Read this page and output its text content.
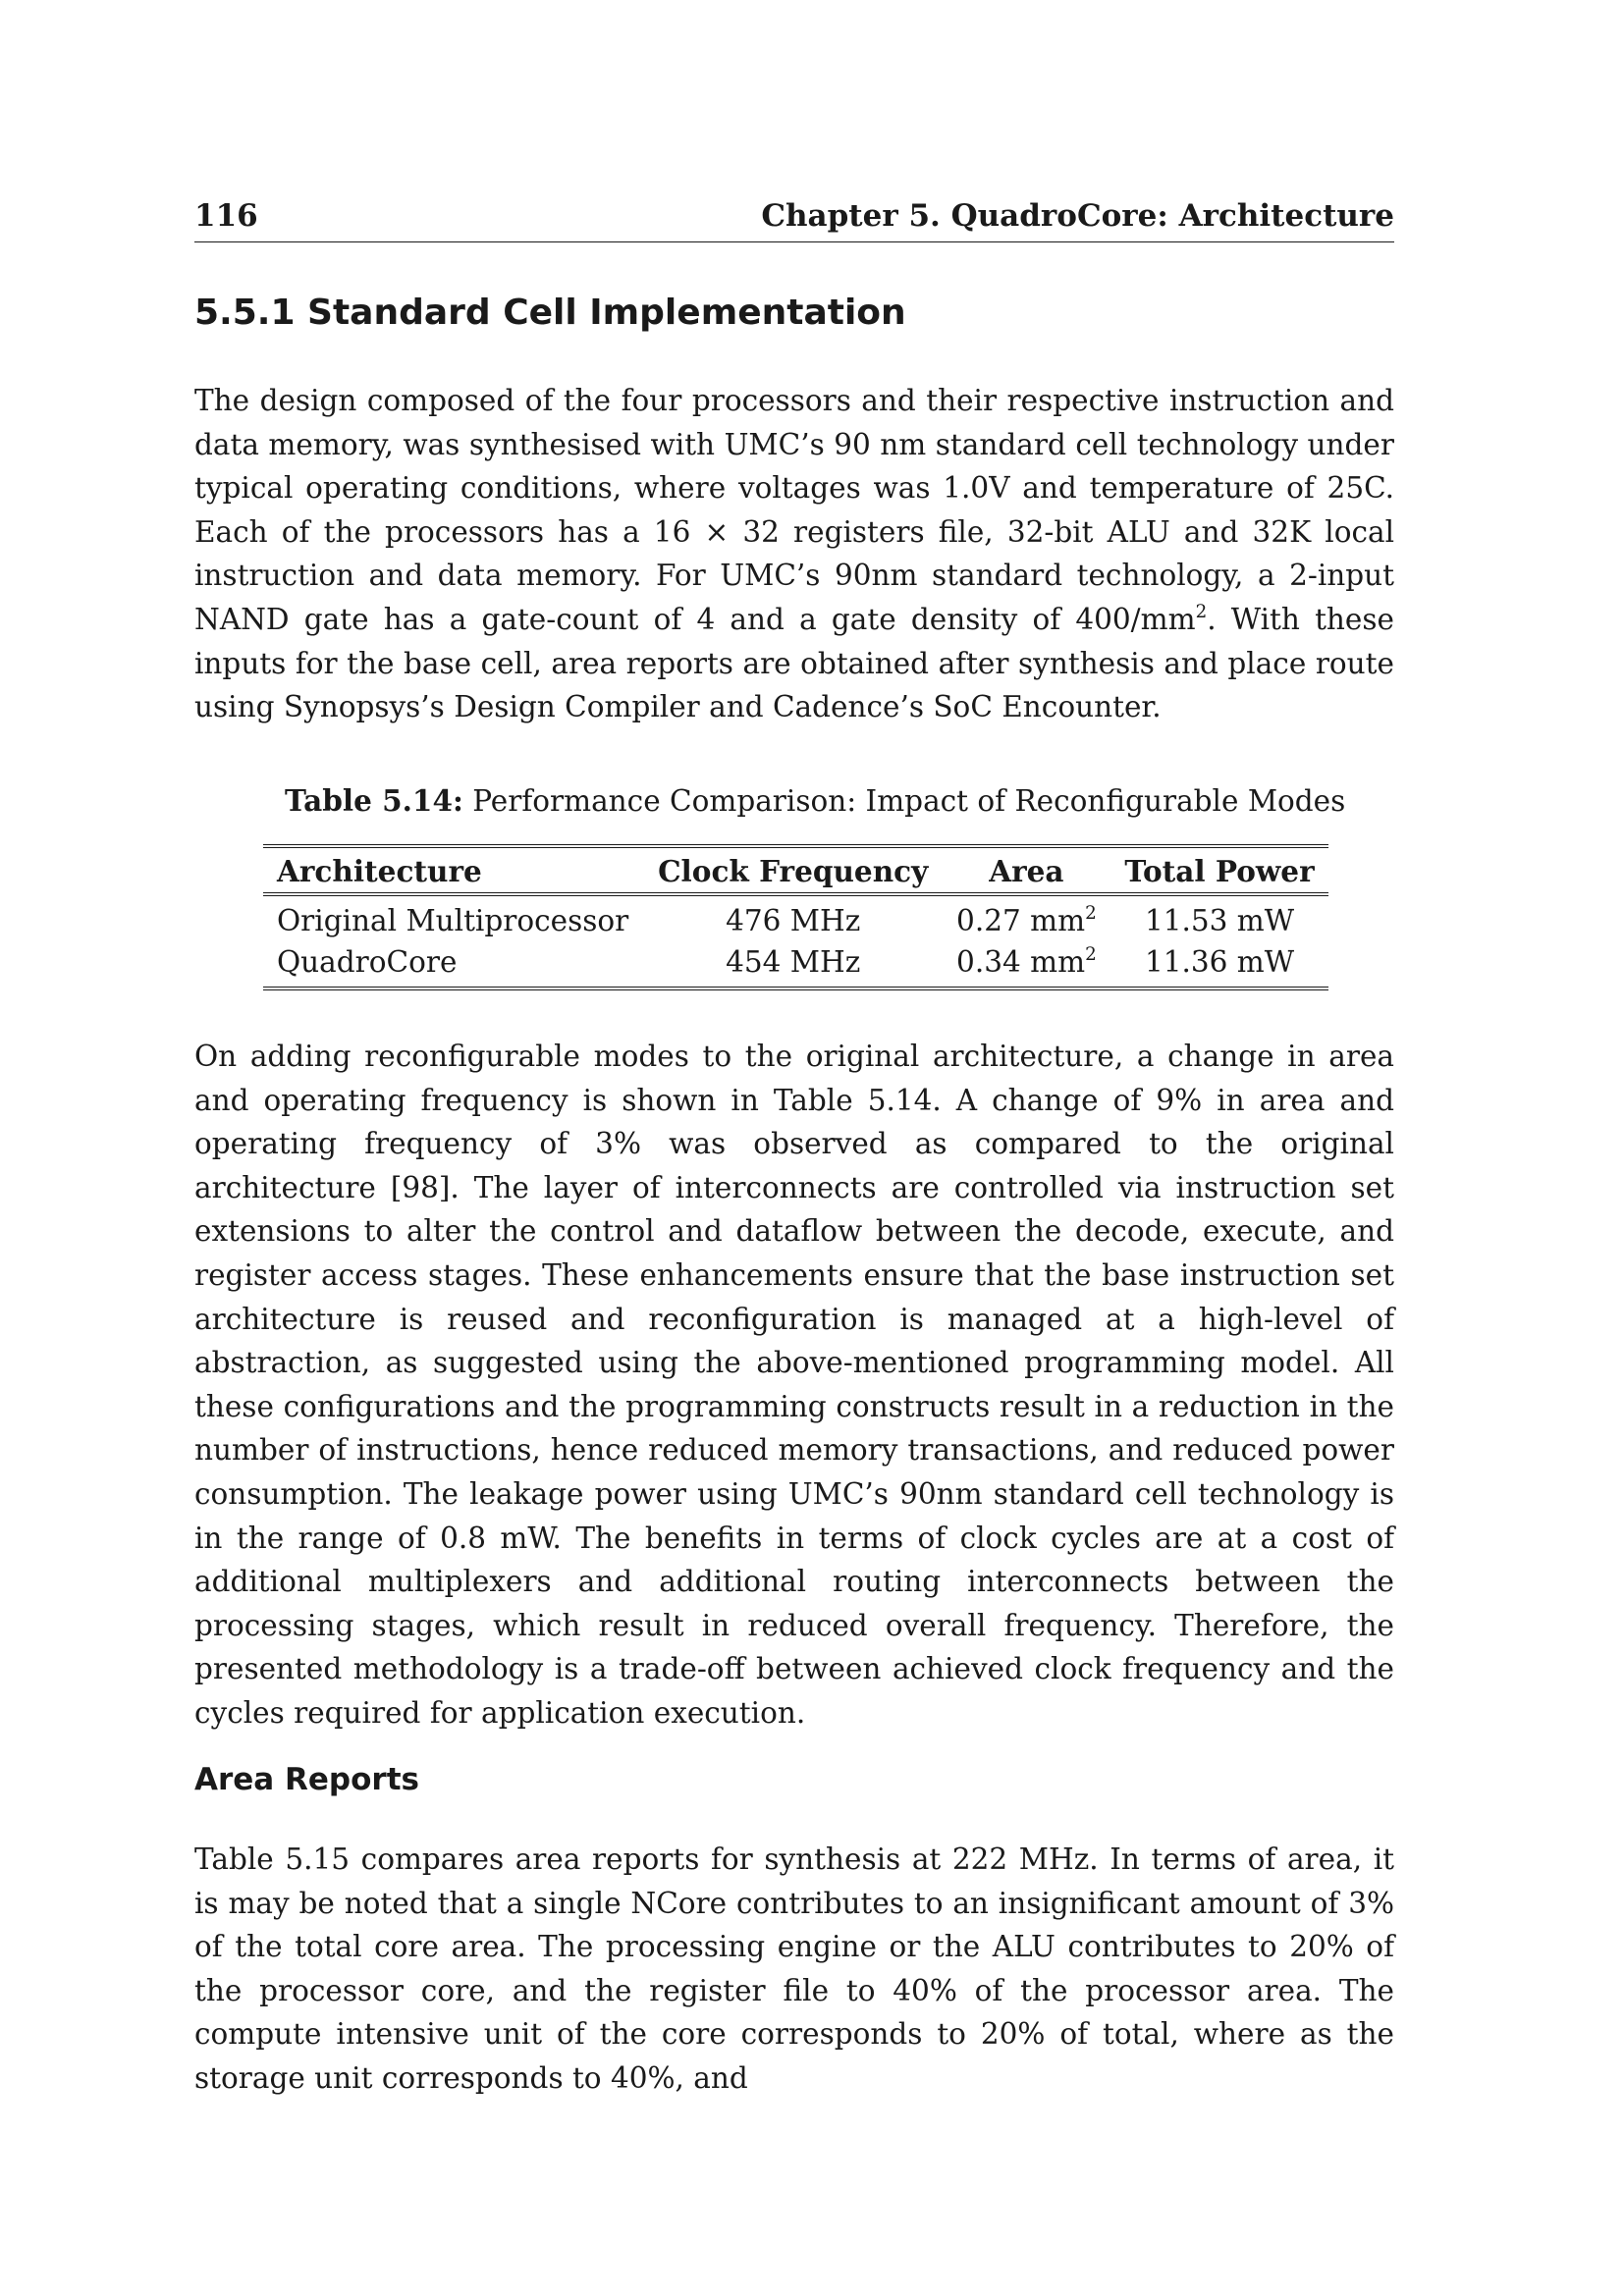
116	Chapter 5. QuadroCore: Architecture
5.5.1 Standard Cell Implementation

The design composed of the four processors and their respective instruction and data memory, was synthesised with UMC’s 90 nm standard cell technology under typical operating conditions, where voltages was 1.0V and temperature of 25C. Each of the processors has a 16 × 32 registers file, 32-bit ALU and 32K local instruction and data memory. For UMC’s 90nm standard technology, a 2-input NAND gate has a gate-count of 4 and a gate density of $400/mm^2$. With these inputs for the base cell, area reports are obtained after synthesis and place route using Synopsys’s Design Compiler and Cadence’s SoC Encounter.

Table 5.14: Performance Comparison: Impact of Reconfigurable Modes

Architecture	Clock Frequency	Area	Total Power
Original Multiprocessor	476 MHz	0.27 $mm^2$	11.53 mW
QuadroCore	454 MHz	0.34 $mm^2$	11.36 mW

On adding reconfigurable modes to the original architecture, a change in area and operating frequency is shown in Table 5.14. A change of 9% in area and operating frequency of 3% was observed as compared to the original architecture [98]. The layer of interconnects are controlled via instruction set extensions to alter the control and dataflow between the decode, execute, and register access stages. These enhancements ensure that the base instruction set architecture is reused and reconfiguration is managed at a high-level of abstraction, as suggested using the above-mentioned programming model. All these configurations and the programming constructs result in a reduction in the number of instructions, hence reduced memory transactions, and reduced power consumption. The leakage power using UMC’s 90nm standard cell technology is in the range of 0.8 mW. The benefits in terms of clock cycles are at a cost of additional multiplexers and additional routing interconnects between the processing stages, which result in reduced overall frequency. Therefore, the presented methodology is a trade-off between achieved clock frequency and the cycles required for application execution.

Area Reports

Table 5.15 compares area reports for synthesis at 222 MHz. In terms of area, it is may be noted that a single NCore contributes to an insignificant amount of 3% of the total core area. The processing engine or the ALU contributes to 20% of the processor core, and the register file to 40% of the processor area. The compute intensive unit of the core corresponds to 20% of total, where as the storage unit corresponds to 40%, and
